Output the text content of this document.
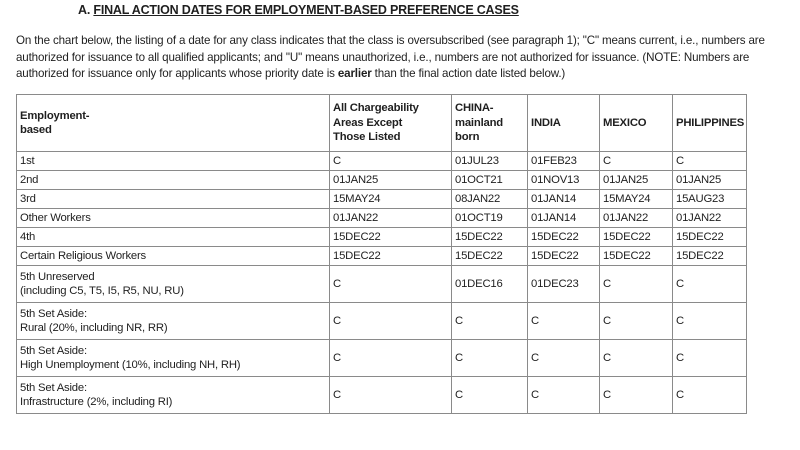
A. FINAL ACTION DATES FOR EMPLOYMENT-BASED PREFERENCE CASES
On the chart below, the listing of a date for any class indicates that the class is oversubscribed (see paragraph 1); "C" means current, i.e., numbers are authorized for issuance to all qualified applicants; and "U" means unauthorized, i.e., numbers are not authorized for issuance. (NOTE: Numbers are authorized for issuance only for applicants whose priority date is earlier than the final action date listed below.)
Employment-
based	All Chargeability
Areas Except
Those Listed	CHINA-
mainland
born	INDIA	MEXICO	PHILIPPINES
1st	C	01JUL23	01FEB23	C	C
2nd	01JAN25	01OCT21	01NOV13	01JAN25	01JAN25
3rd	15MAY24	08JAN22	01JAN14	15MAY24	15AUG23
Other Workers	01JAN22	01OCT19	01JAN14	01JAN22	01JAN22
4th	15DEC22	15DEC22	15DEC22	15DEC22	15DEC22
Certain Religious Workers	15DEC22	15DEC22	15DEC22	15DEC22	15DEC22
5th Unreserved
(including C5, T5, I5, R5, NU, RU)	C	01DEC16	01DEC23	C	C
5th Set Aside:
Rural (20%, including NR, RR)	C	C	C	C	C
5th Set Aside:
High Unemployment (10%, including NH, RH)	C	C	C	C	C
5th Set Aside:
Infrastructure (2%, including RI)	C	C	C	C	C
